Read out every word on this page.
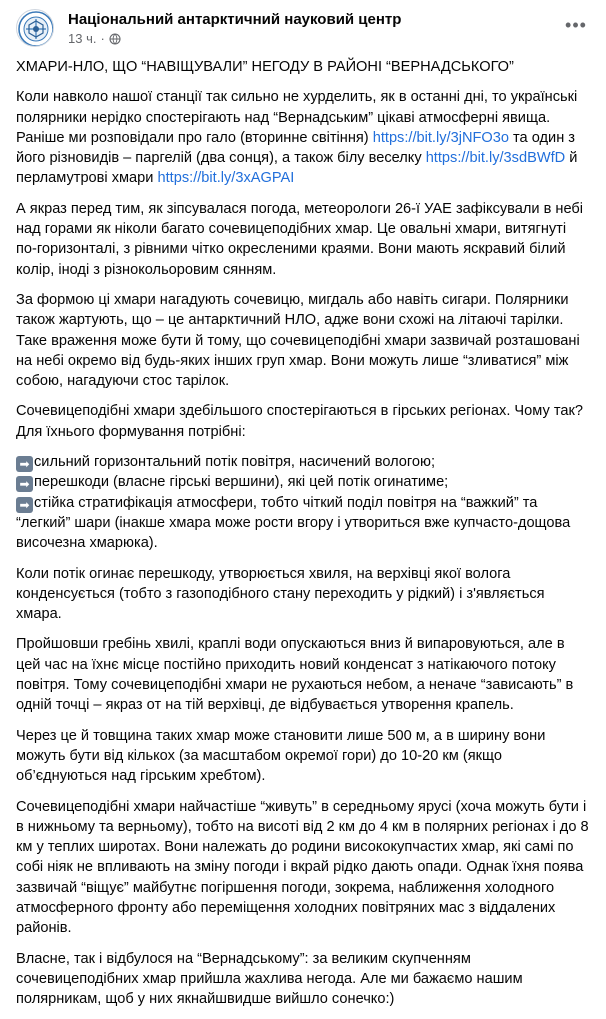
Національний антарктичний науковий центр
13 ч. ·
•••

ХМАРИ-НЛО, ЩО “НАВІЩУВАЛИ” НЕГОДУ В РАЙОНІ “ВЕРНАДСЬКОГО”

Коли навколо нашої станції так сильно не хурделить, як в останні дні, то українські полярники нерідко спостерігають над “Вернадським” цікаві атмосферні явища. Раніше ми розповідали про гало (вторинне світіння) https://bit.ly/3jNFO3o та один з його різновидів – паргелій (два сонця), а також білу веселку https://bit.ly/3sdBWfD й перламутрові хмари https://bit.ly/3xAGPAI

А якраз перед тим, як зіпсувалася погода, метеорологи 26-ї УАЕ зафіксували в небі над горами як ніколи багато сочевицеподібних хмар. Це овальні хмари, витягнуті по-горизонталі, з рівними чітко окресленими краями. Вони мають яскравий білий колір, іноді з різнокольоровим сянням.

За формою ці хмари нагадують сочевицю, мигдаль або навіть сигари. Полярники також жартують, що – це антарктичний НЛО, адже вони схожі на літаючі тарілки. Таке враження може бути й тому, що сочевицеподібні хмари зазвичай розташовані на небі окремо від будь-яких інших груп хмар. Вони можуть лише “зливатися” між собою, нагадуючи стос тарілок.

Сочевицеподібні хмари здебільшого спостерігаються в гірських регіонах. Чому так? Для їхнього формування потрібні:

➡ сильний горизонтальний потік повітря, насичений вологою;
➡ перешкоди (власне гірські вершини), які цей потік огинатиме;
➡ стійка стратифікація атмосфери, тобто чіткий поділ повітря на “важкий” та “легкий” шари (інакше хмара може рости вгору і утвориться вже купчасто-дощова височезна хмарюка).

Коли потік огинає перешкоду, утворюється хвиля, на верхівці якої волога конденсується (тобто з газоподібного стану переходить у рідкий) і з'являється хмара.

Пройшовши гребінь хвилі, краплі води опускаються вниз й випаровуються, але в цей час на їхнє місце постійно приходить новий конденсат з натікаючого потоку повітря. Тому сочевицеподібні хмари не рухаються небом, а неначе “зависають” в одній точці – якраз от на тій верхівці, де відбувається утворення крапель.

Через це й товщина таких хмар може становити лише 500 м, а в ширину вони можуть бути від кількох (за масштабом окремої гори) до 10-20 км (якщо об’єднуються над гірським хребтом).

Сочевицеподібні хмари найчастіше “живуть” в середньому ярусі (хоча можуть бути і в нижньому та верньому), тобто на висоті від 2 км до 4 км в полярних регіонах і до 8 км у теплих широтах. Вони належать до родини висококупчастих хмар, які самі по собі ніяк не впливають на зміну погоди і вкрай рідко дають опади. Однак їхня поява зазвичай “віщує” майбутнє погіршення погоди, зокрема, наближення холодного атмосферного фронту або переміщення холодних повітряних мас з віддалених районів.

Власне, так і відбулося на “Вернадському”: за великим скупченням сочевицеподібних хмар прийшла жахлива негода. Але ми бажаємо нашим полярникам, щоб у них якнайшвидше вийшло сонечко:)
